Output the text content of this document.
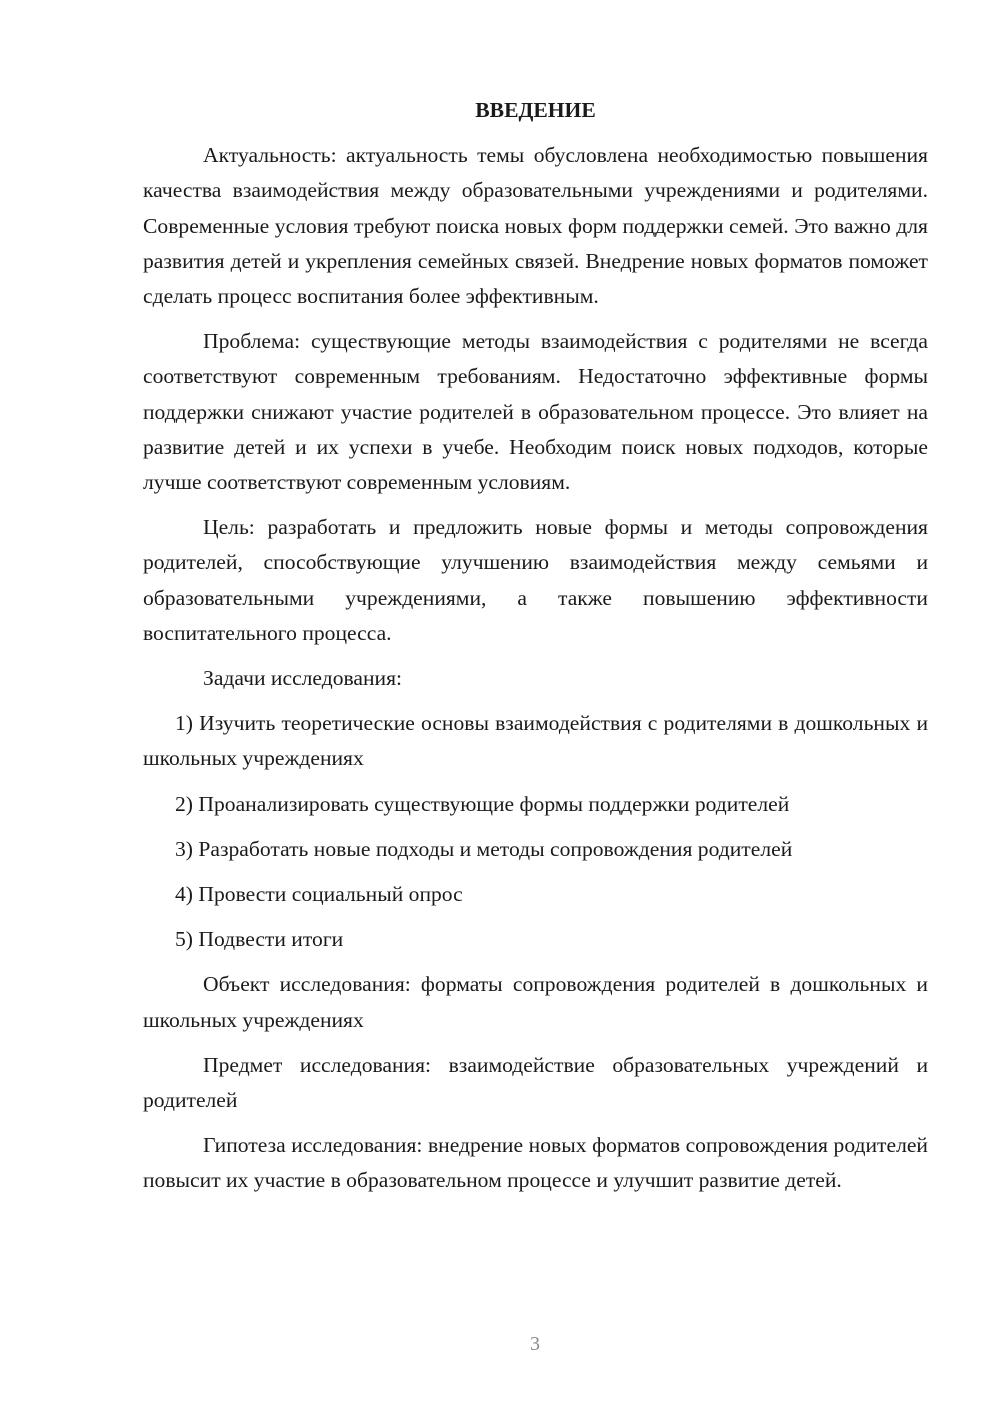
ВВЕДЕНИЕ

Актуальность: актуальность темы обусловлена необходимостью повышения качества взаимодействия между образовательными учреждениями и родителями. Современные условия требуют поиска новых форм поддержки семей. Это важно для развития детей и укрепления семейных связей. Внедрение новых форматов поможет сделать процесс воспитания более эффективным.

Проблема: существующие методы взаимодействия с родителями не всегда соответствуют современным требованиям. Недостаточно эффективные формы поддержки снижают участие родителей в образовательном процессе. Это влияет на развитие детей и их успехи в учебе. Необходим поиск новых подходов, которые лучше соответствуют современным условиям.

Цель: разработать и предложить новые формы и методы сопровождения родителей, способствующие улучшению взаимодействия между семьями и образовательными учреждениями, а также повышению эффективности воспитательного процесса.

Задачи исследования:

1) Изучить теоретические основы взаимодействия с родителями в дошкольных и школьных учреждениях

2) Проанализировать существующие формы поддержки родителей

3) Разработать новые подходы и методы сопровождения родителей

4) Провести социальный опрос

5) Подвести итоги

Объект исследования: форматы сопровождения родителей в дошкольных и школьных учреждениях

Предмет исследования: взаимодействие образовательных учреждений и родителей

Гипотеза исследования: внедрение новых форматов сопровождения родителей повысит их участие в образовательном процессе и улучшит развитие детей.

3
